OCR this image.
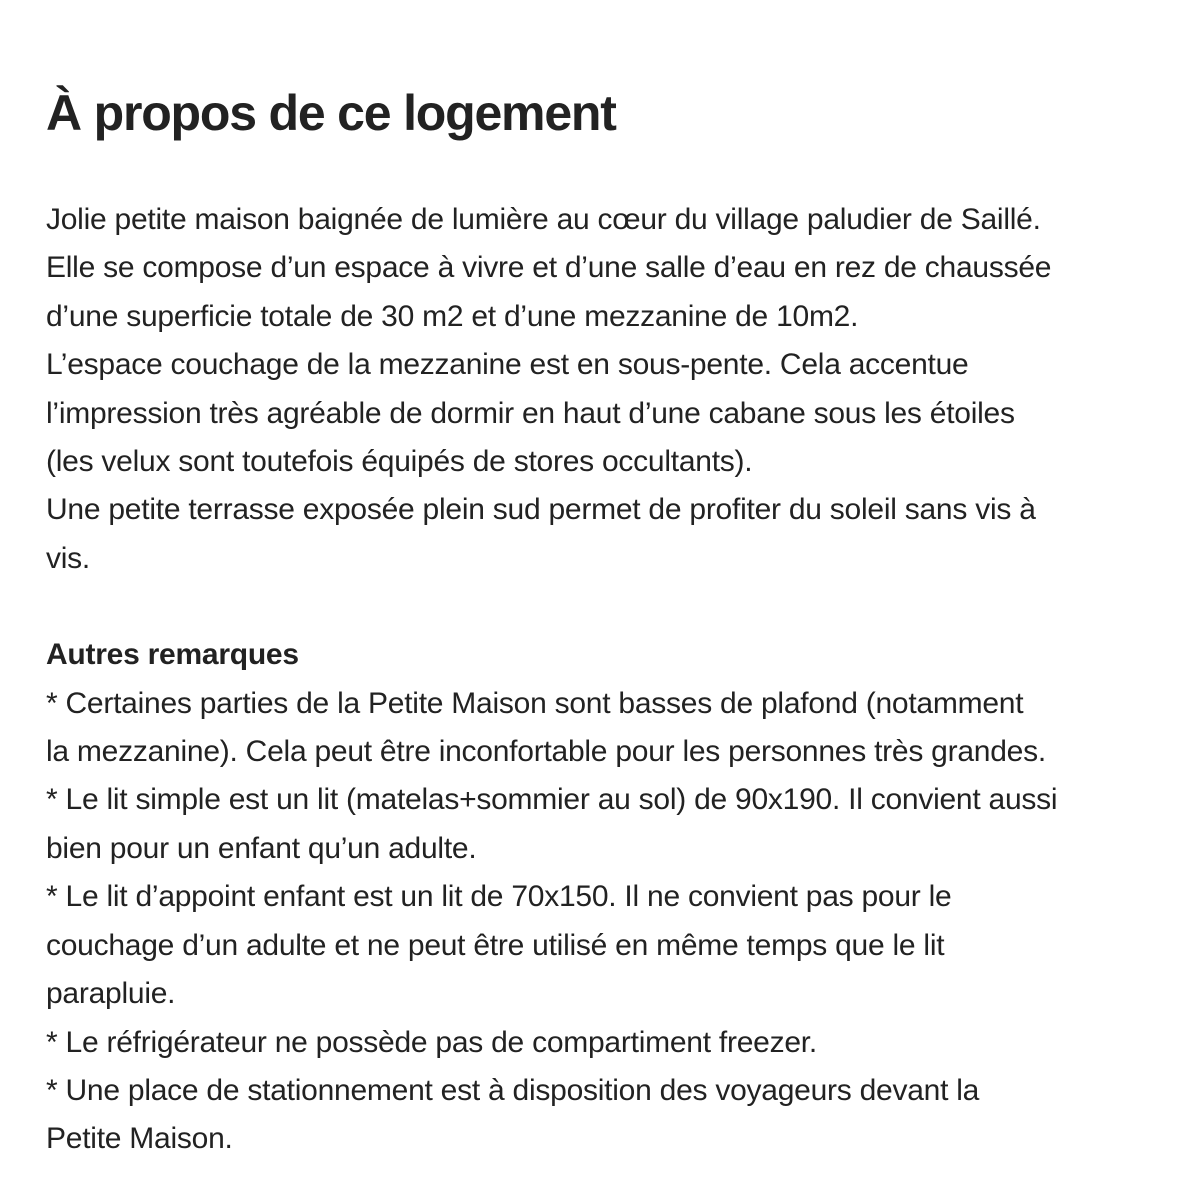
À propos de ce logement
Jolie petite maison baignée de lumière au cœur du village paludier de Saillé.
Elle se compose d’un espace à vivre et d’une salle d’eau en rez de chaussée
d’une superficie totale de 30 m2 et d’une mezzanine de 10m2.
L’espace couchage de la mezzanine est en sous-pente. Cela accentue
l’impression très agréable de dormir en haut d’une cabane sous les étoiles
(les velux sont toutefois équipés de stores occultants).
Une petite terrasse exposée plein sud permet de profiter du soleil sans vis à
vis.
Autres remarques
* Certaines parties de la Petite Maison sont basses de plafond (notamment
la mezzanine). Cela peut être inconfortable pour les personnes très grandes.
* Le lit simple est un lit (matelas+sommier au sol) de 90x190. Il convient aussi
bien pour un enfant qu’un adulte.
* Le lit d’appoint enfant est un lit de 70x150. Il ne convient pas pour le
couchage d’un adulte et ne peut être utilisé en même temps que le lit
parapluie.
* Le réfrigérateur ne possède pas de compartiment freezer.
* Une place de stationnement est à disposition des voyageurs devant la
Petite Maison.
